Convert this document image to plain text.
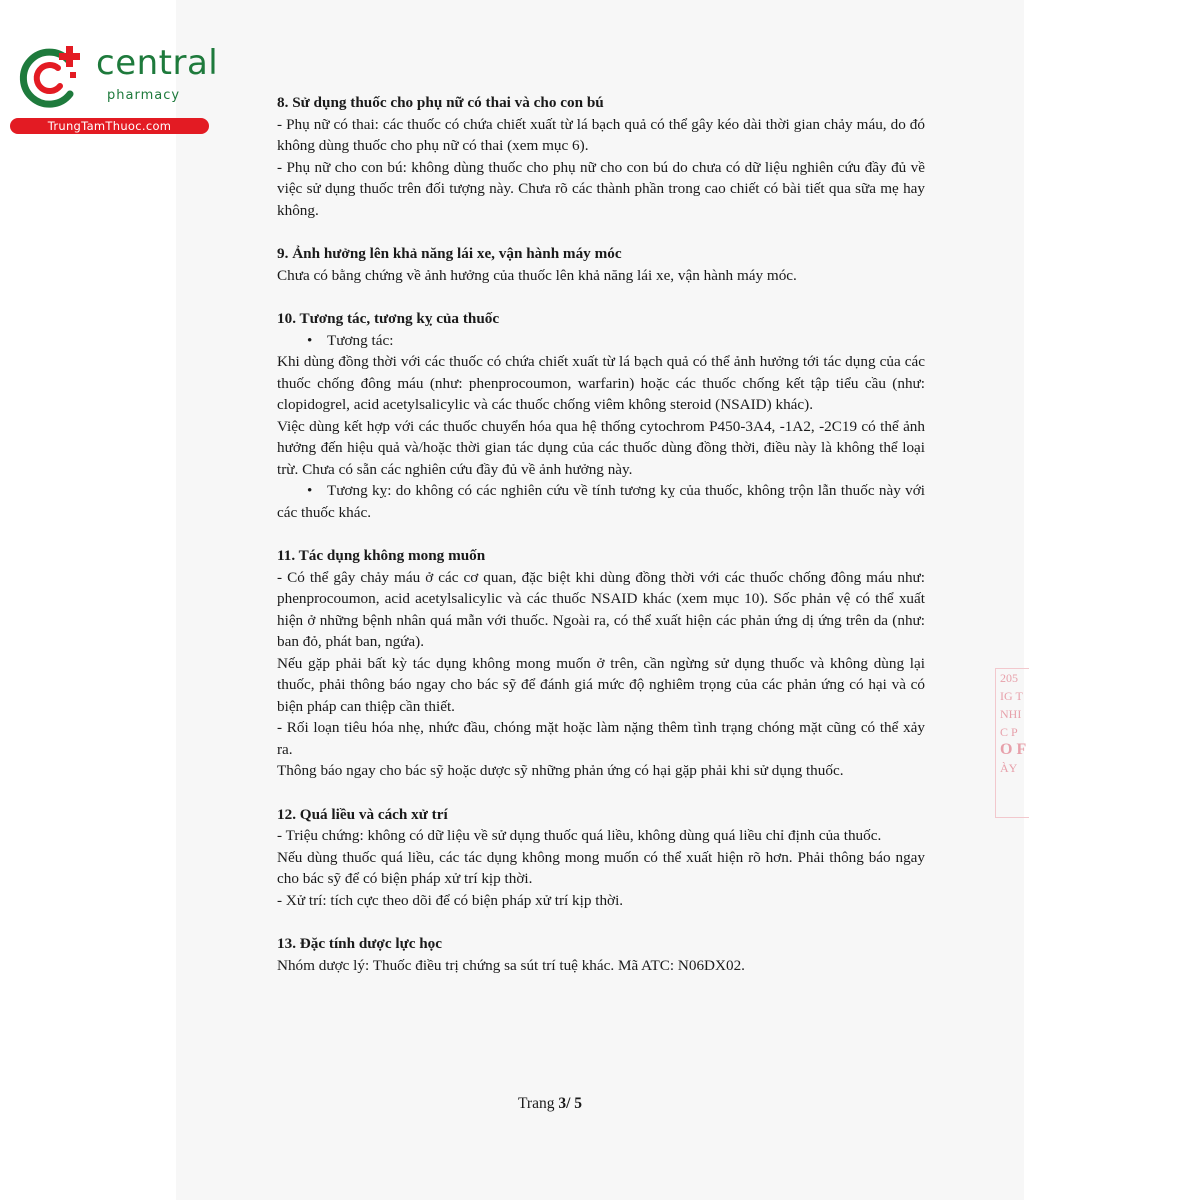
central
pharmacy
TrungTamThuoc.com
8. Sử dụng thuốc cho phụ nữ có thai và cho con bú

- Phụ nữ có thai: các thuốc có chứa chiết xuất từ lá bạch quả có thể gây kéo dài thời gian chảy máu, do đó không dùng thuốc cho phụ nữ có thai (xem mục 6).

- Phụ nữ cho con bú: không dùng thuốc cho phụ nữ cho con bú do chưa có dữ liệu nghiên cứu đầy đủ về việc sử dụng thuốc trên đối tượng này. Chưa rõ các thành phần trong cao chiết có bài tiết qua sữa mẹ hay không.

9. Ảnh hưởng lên khả năng lái xe, vận hành máy móc

Chưa có bằng chứng về ảnh hưởng của thuốc lên khả năng lái xe, vận hành máy móc.

10. Tương tác, tương kỵ của thuốc

• Tương tác:

Khi dùng đồng thời với các thuốc có chứa chiết xuất từ lá bạch quả có thể ảnh hưởng tới tác dụng của các thuốc chống đông máu (như: phenprocoumon, warfarin) hoặc các thuốc chống kết tập tiểu cầu (như: clopidogrel, acid acetylsalicylic và các thuốc chống viêm không steroid (NSAID) khác).

Việc dùng kết hợp với các thuốc chuyển hóa qua hệ thống cytochrom P450-3A4, -1A2, -2C19 có thể ảnh hưởng đến hiệu quả và/hoặc thời gian tác dụng của các thuốc dùng đồng thời, điều này là không thể loại trừ. Chưa có sẵn các nghiên cứu đầy đủ về ảnh hưởng này.

• Tương kỵ: do không có các nghiên cứu về tính tương kỵ của thuốc, không trộn lẫn thuốc này với các thuốc khác.

11. Tác dụng không mong muốn

- Có thể gây chảy máu ở các cơ quan, đặc biệt khi dùng đồng thời với các thuốc chống đông máu như: phenprocoumon, acid acetylsalicylic và các thuốc NSAID khác (xem mục 10). Sốc phản vệ có thể xuất hiện ở những bệnh nhân quá mẫn với thuốc. Ngoài ra, có thể xuất hiện các phản ứng dị ứng trên da (như: ban đỏ, phát ban, ngứa).

Nếu gặp phải bất kỳ tác dụng không mong muốn ở trên, cần ngừng sử dụng thuốc và không dùng lại thuốc, phải thông báo ngay cho bác sỹ để đánh giá mức độ nghiêm trọng của các phản ứng có hại và có biện pháp can thiệp cần thiết.

- Rối loạn tiêu hóa nhẹ, nhức đầu, chóng mặt hoặc làm nặng thêm tình trạng chóng mặt cũng có thể xảy ra.

Thông báo ngay cho bác sỹ hoặc dược sỹ những phản ứng có hại gặp phải khi sử dụng thuốc.

12. Quá liều và cách xử trí

- Triệu chứng: không có dữ liệu về sử dụng thuốc quá liều, không dùng quá liều chỉ định của thuốc.

Nếu dùng thuốc quá liều, các tác dụng không mong muốn có thể xuất hiện rõ hơn. Phải thông báo ngay cho bác sỹ để có biện pháp xử trí kịp thời.

- Xử trí: tích cực theo dõi để có biện pháp xử trí kịp thời.

13. Đặc tính dược lực học

Nhóm dược lý: Thuốc điều trị chứng sa sút trí tuệ khác. Mã ATC: N06DX02.

Trang 3/ 5
205
IG T
NHI
C P
O F
ÀY
